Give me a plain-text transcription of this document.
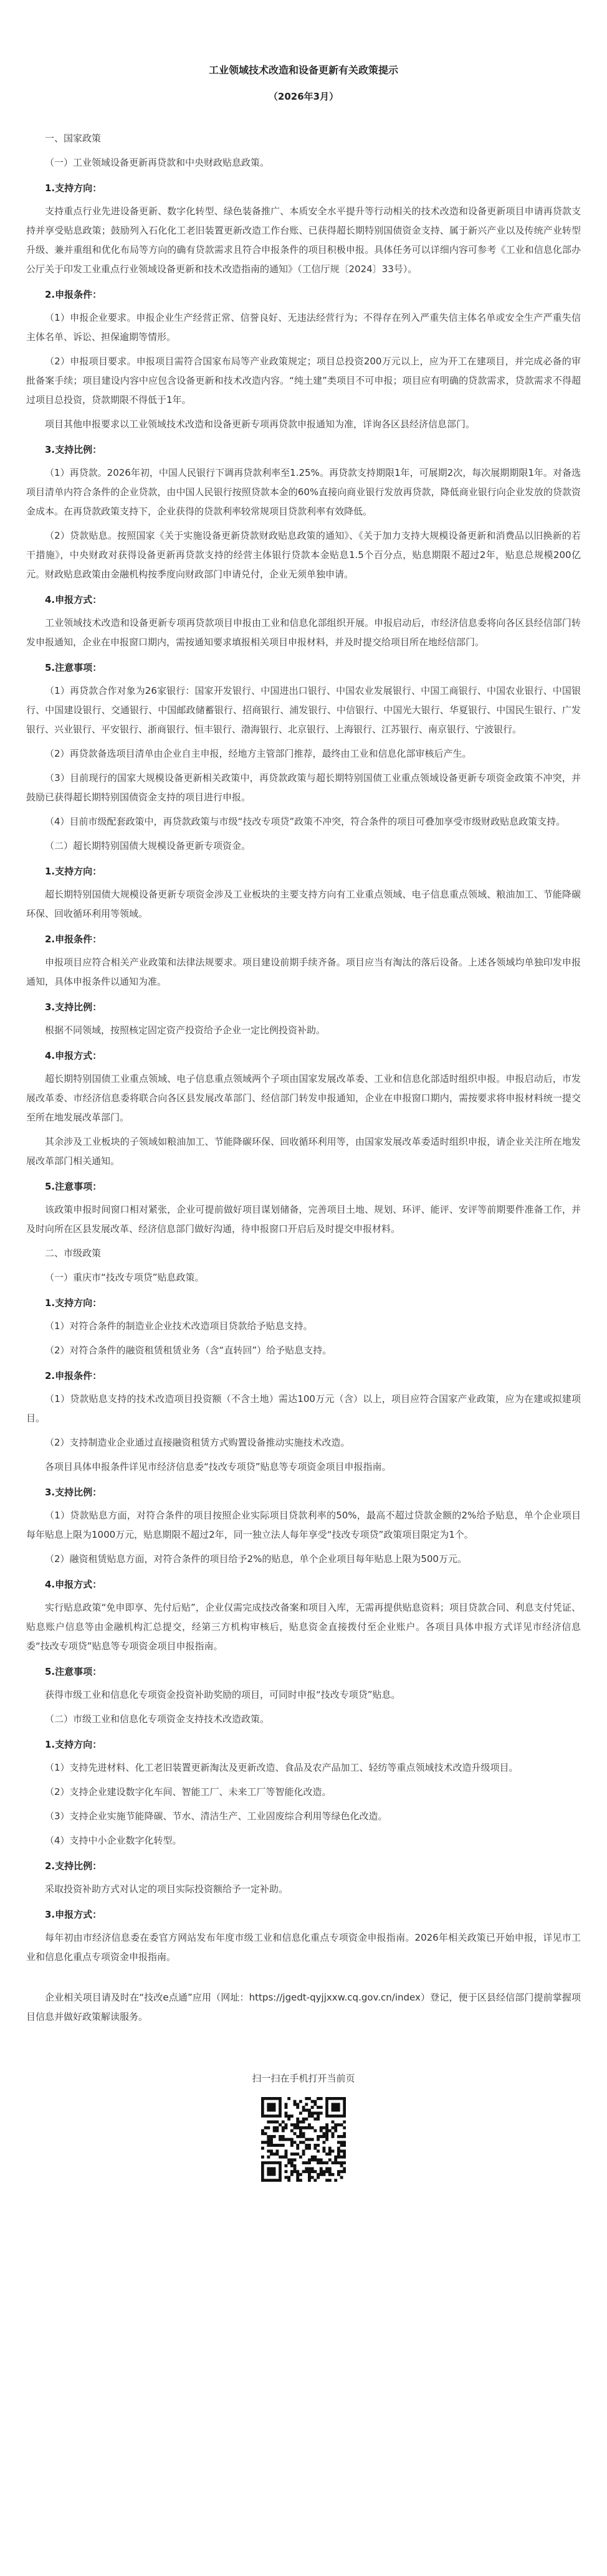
工业领域技术改造和设备更新有关政策提示
（2026年3月）

一、国家政策

（一）工业领域设备更新再贷款和中央财政贴息政策。

1.支持方向：

支持重点行业先进设备更新、数字化转型、绿色装备推广、本质安全水平提升等行动相关的技术改造和设备更新项目申请再贷款支持并享受贴息政策；鼓励列入石化化工老旧装置更新改造工作台账、已获得超长期特别国债资金支持、属于新兴产业以及传统产业转型升级、兼并重组和优化布局等方向的确有贷款需求且符合申报条件的项目积极申报。具体任务可以详细内容可参考《工业和信息化部办公厅关于印发工业重点行业领域设备更新和技术改造指南的通知》（工信厅规〔2024〕33号）。

2.申报条件：

（1）申报企业要求。申报企业生产经营正常、信誉良好、无违法经营行为；不得存在列入严重失信主体名单或安全生产严重失信主体名单、诉讼、担保逾期等情形。

（2）申报项目要求。申报项目需符合国家布局等产业政策规定；项目总投资200万元以上，应为开工在建项目，并完成必备的审批备案手续；项目建设内容中应包含设备更新和技术改造内容。“纯土建”类项目不可申报；项目应有明确的贷款需求，贷款需求不得超过项目总投资，贷款期限不得低于1年。

项目其他申报要求以工业领域技术改造和设备更新专项再贷款申报通知为准，详询各区县经济信息部门。

3.支持比例：

（1）再贷款。2026年初，中国人民银行下调再贷款利率至1.25%。再贷款支持期限1年，可展期2次，每次展期期限1年。对备选项目清单内符合条件的企业贷款，由中国人民银行按照贷款本金的60%直接向商业银行发放再贷款，降低商业银行向企业发放的贷款资金成本。在再贷款政策支持下，企业获得的贷款利率较常规项目贷款利率有效降低。

（2）贷款贴息。按照国家《关于实施设备更新贷款财政贴息政策的通知》、《关于加力支持大规模设备更新和消费品以旧换新的若干措施》，中央财政对获得设备更新再贷款支持的经营主体银行贷款本金贴息1.5个百分点，贴息期限不超过2年，贴息总规模200亿元。财政贴息政策由金融机构按季度向财政部门申请兑付，企业无须单独申请。

4.申报方式：

工业领域技术改造和设备更新专项再贷款项目申报由工业和信息化部组织开展。申报启动后，市经济信息委将向各区县经信部门转发申报通知，企业在申报窗口期内，需按通知要求填报相关项目申报材料，并及时提交给项目所在地经信部门。

5.注意事项：

（1）再贷款合作对象为26家银行：国家开发银行、中国进出口银行、中国农业发展银行、中国工商银行、中国农业银行、中国银行、中国建设银行、交通银行、中国邮政储蓄银行、招商银行、浦发银行、中信银行、中国光大银行、华夏银行、中国民生银行、广发银行、兴业银行、平安银行、浙商银行、恒丰银行、渤海银行、北京银行、上海银行、江苏银行、南京银行、宁波银行。

（2）再贷款备选项目清单由企业自主申报，经地方主管部门推荐，最终由工业和信息化部审核后产生。

（3）目前现行的国家大规模设备更新相关政策中，再贷款政策与超长期特别国债工业重点领域设备更新专项资金政策不冲突，并鼓励已获得超长期特别国债资金支持的项目进行申报。

（4）目前市级配套政策中，再贷款政策与市级“技改专项贷”政策不冲突，符合条件的项目可叠加享受市级财政贴息政策支持。

（二）超长期特别国债大规模设备更新专项资金。

1.支持方向：

超长期特别国债大规模设备更新专项资金涉及工业板块的主要支持方向有工业重点领域、电子信息重点领域、粮油加工、节能降碳环保、回收循环利用等领域。

2.申报条件：

申报项目应符合相关产业政策和法律法规要求。项目建设前期手续齐备。项目应当有淘汰的落后设备。上述各领域均单独印发申报通知，具体申报条件以通知为准。

3.支持比例：

根据不同领域，按照核定固定资产投资给予企业一定比例投资补助。

4.申报方式：

超长期特别国债工业重点领域、电子信息重点领域两个子项由国家发展改革委、工业和信息化部适时组织申报。申报启动后，市发展改革委、市经济信息委将联合向各区县发展改革部门、经信部门转发申报通知，企业在申报窗口期内，需按要求将申报材料统一提交至所在地发展改革部门。

其余涉及工业板块的子领域如粮油加工、节能降碳环保、回收循环利用等，由国家发展改革委适时组织申报，请企业关注所在地发展改革部门相关通知。

5.注意事项：

该政策申报时间窗口相对紧张，企业可提前做好项目谋划储备，完善项目土地、规划、环评、能评、安评等前期要件准备工作，并及时向所在区县发展改革、经济信息部门做好沟通，待申报窗口开启后及时提交申报材料。

二、市级政策

（一）重庆市“技改专项贷”贴息政策。

1.支持方向：

（1）对符合条件的制造业企业技术改造项目贷款给予贴息支持。

（2）对符合条件的融资租赁租赁业务（含“直转回”）给予贴息支持。

2.申报条件：

（1）贷款贴息支持的技术改造项目投资额（不含土地）需达100万元（含）以上，项目应符合国家产业政策，应为在建或拟建项目。

（2）支持制造业企业通过直接融资租赁方式购置设备推动实施技术改造。

各项目具体申报条件详见市经济信息委“技改专项贷”贴息等专项资金项目申报指南。

3.支持比例：

（1）贷款贴息方面，对符合条件的项目按照企业实际项目贷款利率的50%，最高不超过贷款金额的2%给予贴息，单个企业项目每年贴息上限为1000万元，贴息期限不超过2年，同一独立法人每年享受“技改专项贷”政策项目限定为1个。

（2）融资租赁贴息方面，对符合条件的项目给予2%的贴息，单个企业项目每年贴息上限为500万元。

4.申报方式：

实行贴息政策“免申即享、先付后贴”，企业仅需完成技改备案和项目入库，无需再提供贴息资料；项目贷款合同、利息支付凭证、贴息账户信息等由金融机构汇总提交，经第三方机构审核后，贴息资金直接拨付至企业账户。各项目具体申报方式详见市经济信息委“技改专项贷”贴息等专项资金项目申报指南。

5.注意事项：

获得市级工业和信息化专项资金投资补助奖励的项目，可同时申报“技改专项贷”贴息。

（二）市级工业和信息化专项资金支持技术改造政策。

1.支持方向：

（1）支持先进材料、化工老旧装置更新淘汰及更新改造、食品及农产品加工、轻纺等重点领域技术改造升级项目。

（2）支持企业建设数字化车间、智能工厂、未来工厂等智能化改造。

（3）支持企业实施节能降碳、节水、清洁生产、工业固废综合利用等绿色化改造。

（4）支持中小企业数字化转型。

2.支持比例：

采取投资补助方式对认定的项目实际投资额给予一定补助。

3.申报方式：

每年初由市经济信息委在委官方网站发布年度市级工业和信息化重点专项资金申报指南。2026年相关政策已开始申报，详见市工业和信息化重点专项资金申报指南。

企业相关项目请及时在“技改e点通”应用（网址：https://jgedt-qyjjxxw.cq.gov.cn/index）登记，便于区县经信部门提前掌握项目信息并做好政策解读服务。

扫一扫在手机打开当前页
